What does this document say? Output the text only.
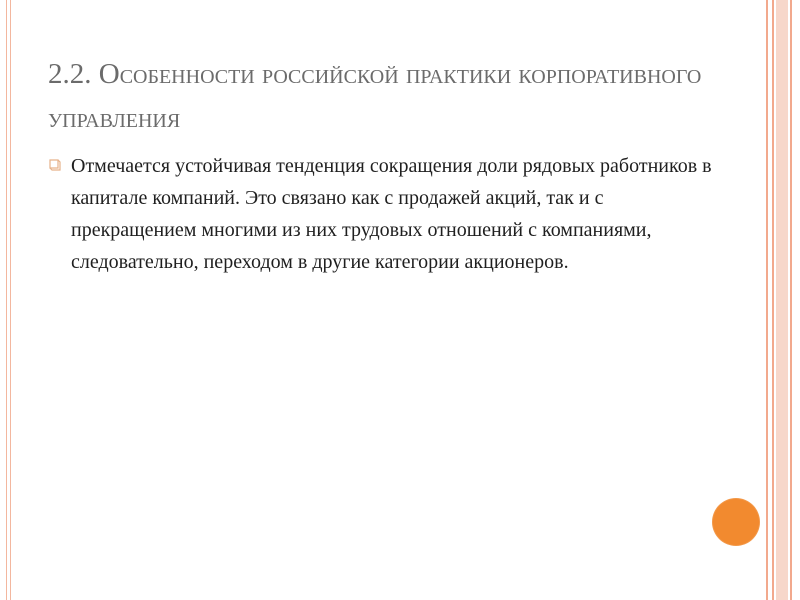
2.2. Особенности российской практики корпоративного управления

Отмечается устойчивая тенденция сокращения доли рядовых работников в капитале компаний. Это связано как с продажей акций, так и с прекращением многими из них трудовых отношений с компаниями, следовательно, переходом в другие категории акционеров.
